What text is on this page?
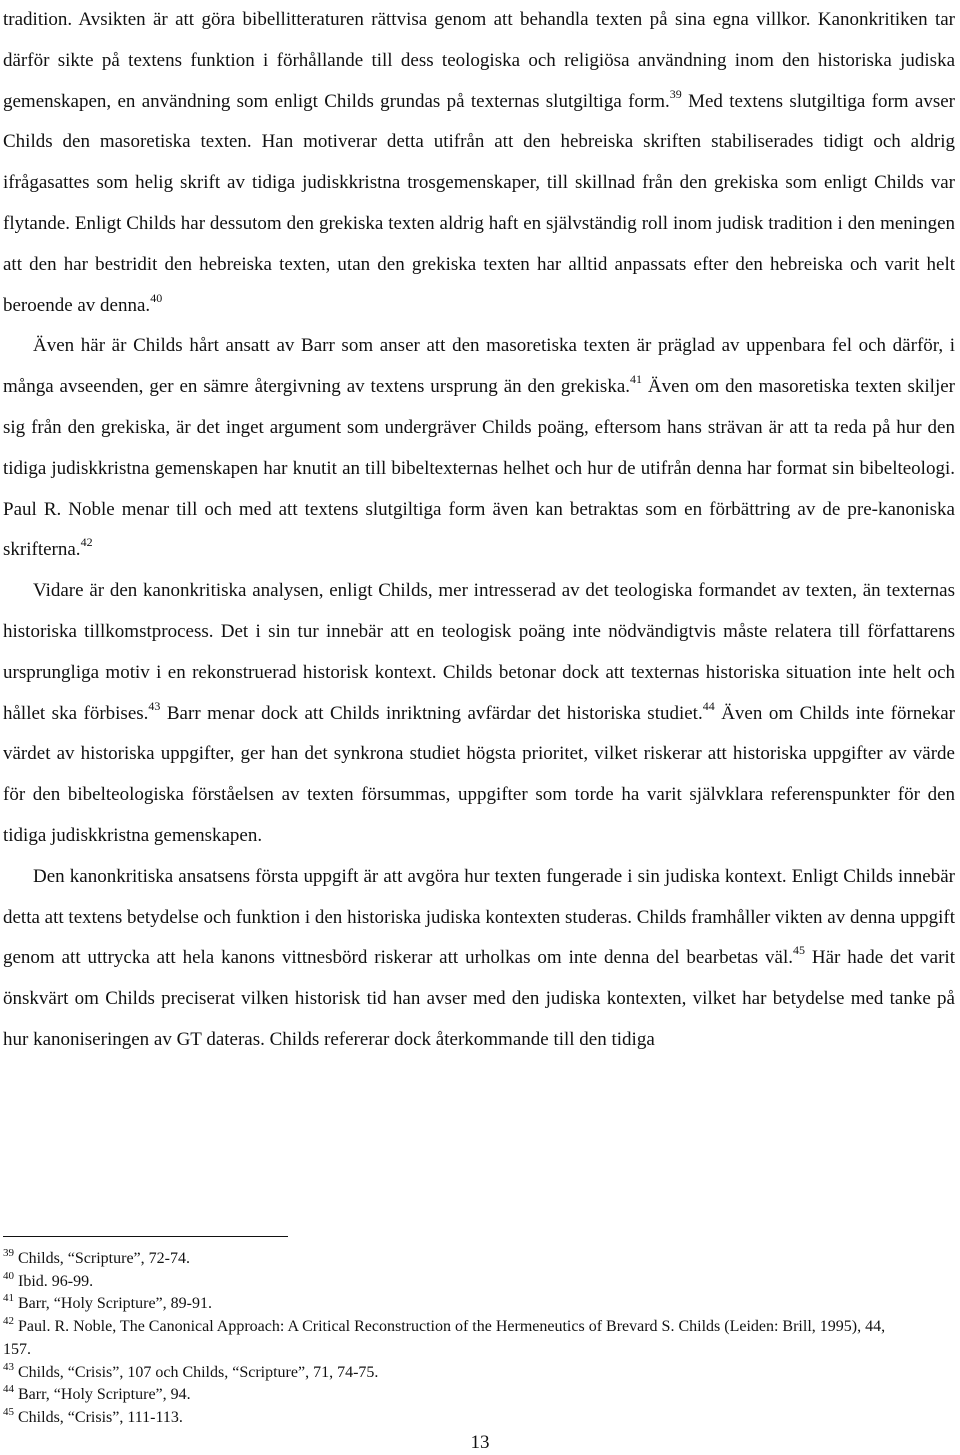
tradition. Avsikten är att göra bibellitteraturen rättvisa genom att behandla texten på sina egna villkor. Kanonkritiken tar därför sikte på textens funktion i förhållande till dess teologiska och religiösa användning inom den historiska judiska gemenskapen, en användning som enligt Childs grundas på texternas slutgiltiga form.$^{39}$ Med textens slutgiltiga form avser Childs den masoretiska texten. Han motiverar detta utifrån att den hebreiska skriften stabiliserades tidigt och aldrig ifrågasattes som helig skrift av tidiga judiskkristna trosgemenskaper, till skillnad från den grekiska som enligt Childs var flytande. Enligt Childs har dessutom den grekiska texten aldrig haft en självständig roll inom judisk tradition i den meningen att den har bestridit den hebreiska texten, utan den grekiska texten har alltid anpassats efter den hebreiska och varit helt beroende av denna.$^{40}$

Även här är Childs hårt ansatt av Barr som anser att den masoretiska texten är präglad av uppenbara fel och därför, i många avseenden, ger en sämre återgivning av textens ursprung än den grekiska.$^{41}$ Även om den masoretiska texten skiljer sig från den grekiska, är det inget argument som undergräver Childs poäng, eftersom hans strävan är att ta reda på hur den tidiga judiskkristna gemenskapen har knutit an till bibeltexternas helhet och hur de utifrån denna har format sin bibelteologi. Paul R. Noble menar till och med att textens slutgiltiga form även kan betraktas som en förbättring av de pre-kanoniska skrifterna.$^{42}$

Vidare är den kanonkritiska analysen, enligt Childs, mer intresserad av det teologiska formandet av texten, än texternas historiska tillkomstprocess. Det i sin tur innebär att en teologisk poäng inte nödvändigtvis måste relatera till författarens ursprungliga motiv i en rekonstruerad historisk kontext. Childs betonar dock att texternas historiska situation inte helt och hållet ska förbises.$^{43}$ Barr menar dock att Childs inriktning avfärdar det historiska studiet.$^{44}$ Även om Childs inte förnekar värdet av historiska uppgifter, ger han det synkrona studiet högsta prioritet, vilket riskerar att historiska uppgifter av värde för den bibelteologiska förståelsen av texten försummas, uppgifter som torde ha varit självklara referenspunkter för den tidiga judiskkristna gemenskapen.

Den kanonkritiska ansatsens första uppgift är att avgöra hur texten fungerade i sin judiska kontext. Enligt Childs innebär detta att textens betydelse och funktion i den historiska judiska kontexten studeras. Childs framhåller vikten av denna uppgift genom att uttrycka att hela kanons vittnesbörd riskerar att urholkas om inte denna del bearbetas väl.$^{45}$ Här hade det varit önskvärt om Childs preciserat vilken historisk tid han avser med den judiska kontexten, vilket har betydelse med tanke på hur kanoniseringen av GT dateras. Childs refererar dock återkommande till den tidiga

$^{39}$ Childs, “Scripture”, 72-74.

$^{40}$ Ibid. 96-99.

$^{41}$ Barr, “Holy Scripture”, 89-91.

$^{42}$ Paul. R. Noble, The Canonical Approach: A Critical Reconstruction of the Hermeneutics of Brevard S. Childs (Leiden: Brill, 1995), 44, 157.

$^{43}$ Childs, “Crisis”, 107 och Childs, “Scripture”, 71, 74-75.

$^{44}$ Barr, “Holy Scripture”, 94.

$^{45}$ Childs, “Crisis”, 111-113.

13
